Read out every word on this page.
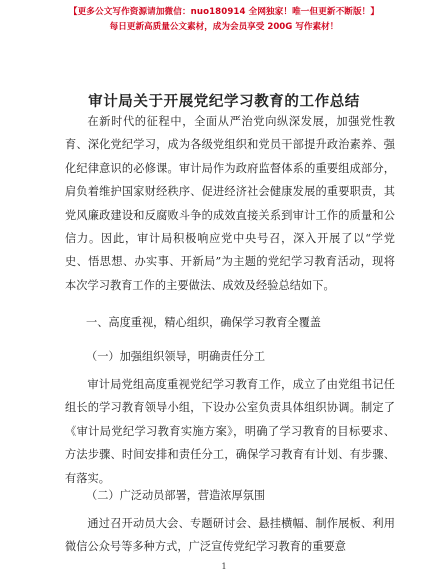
【更多公文写作资源请加微信：nuo180914 全网独家！唯一但更新不断版！】
每日更新高质量公文素材，成为会员享受 200G 写作素材！
审计局关于开展党纪学习教育的工作总结

在新时代的征程中，全面从严治党向纵深发展，加强党性教育、深化党纪学习，成为各级党组织和党员干部提升政治素养、强化纪律意识的必修课。审计局作为政府监督体系的重要组成部分，肩负着维护国家财经秩序、促进经济社会健康发展的重要职责，其党风廉政建设和反腐败斗争的成效直接关系到审计工作的质量和公信力。因此，审计局积极响应党中央号召，深入开展了以“学党史、悟思想、办实事、开新局”为主题的党纪学习教育活动，现将本次学习教育工作的主要做法、成效及经验总结如下。

一、高度重视，精心组织，确保学习教育全覆盖

（一）加强组织领导，明确责任分工

审计局党组高度重视党纪学习教育工作，成立了由党组书记任组长的学习教育领导小组，下设办公室负责具体组织协调。制定了《审计局党纪学习教育实施方案》，明确了学习教育的目标要求、方法步骤、时间安排和责任分工，确保学习教育有计划、有步骤、有落实。

（二）广泛动员部署，营造浓厚氛围

通过召开动员大会、专题研讨会、悬挂横幅、制作展板、利用微信公众号等多种方式，广泛宣传党纪学习教育的重要意

1
